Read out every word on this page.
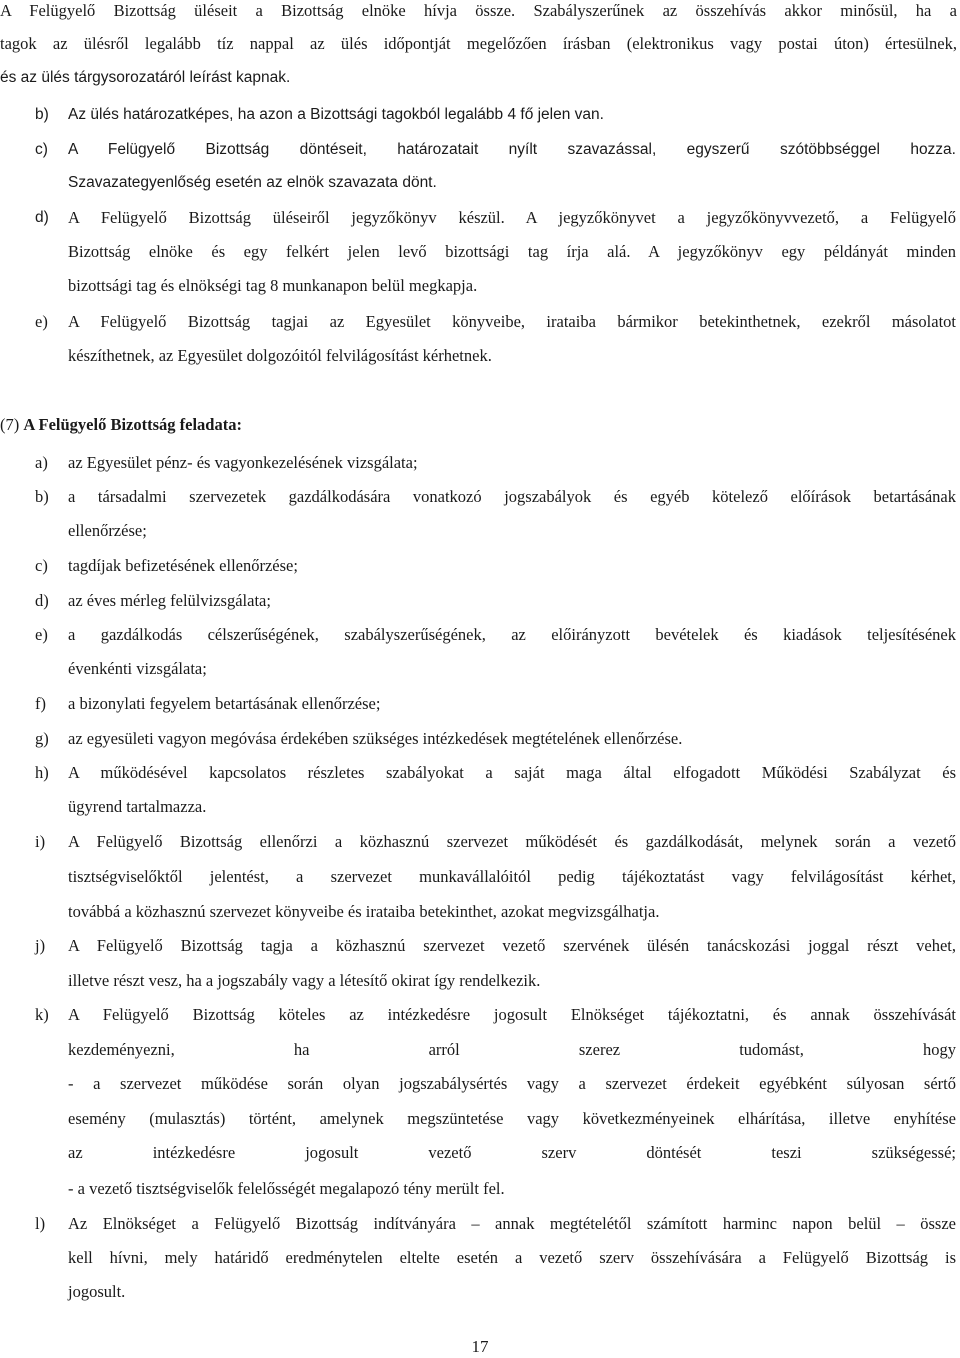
A Felügyelő Bizottság üléseit a Bizottság elnöke hívja össze. Szabályszerűnek az összehívás akkor minősül, ha a
tagok az ülésről legalább tíz nappal az ülés időpontját megelőzően írásban (elektronikus vagy postai úton) értesülnek,
és az ülés tárgysorozatáról leírást kapnak.
b)	Az ülés határozatképes, ha azon a Bizottsági tagokból legalább 4 fő jelen van.
c)	A Felügyelő Bizottság döntéseit, határozatait nyílt szavazással, egyszerű szótöbbséggel hozza.
Szavazategyenlőség esetén az elnök szavazata dönt.
d)	A Felügyelő Bizottság üléseiről jegyzőkönyv készül. A jegyzőkönyvet a jegyzőkönyvvezető, a Felügyelő
Bizottság elnöke és egy felkért jelen levő bizottsági tag írja alá. A jegyzőkönyv egy példányát minden
bizottsági tag és elnökségi tag 8 munkanapon belül megkapja.
e)	A Felügyelő Bizottság tagjai az Egyesület könyveibe, irataiba bármikor betekinthetnek, ezekről másolatot
készíthetnek, az Egyesület dolgozóitól felvilágosítást kérhetnek.
(7) A Felügyelő Bizottság feladata:
a)	az Egyesület pénz- és vagyonkezelésének vizsgálata;
b)	a társadalmi szervezetek gazdálkodására vonatkozó jogszabályok és egyéb kötelező előírások betartásának
ellenőrzése;
c)	tagdíjak befizetésének ellenőrzése;
d)	az éves mérleg felülvizsgálata;
e)	a gazdálkodás célszerűségének, szabályszerűségének, az előirányzott bevételek és kiadások teljesítésének
évenkénti vizsgálata;
f)	a bizonylati fegyelem betartásának ellenőrzése;
g)	az egyesületi vagyon megóvása érdekében szükséges intézkedések megtételének ellenőrzése.
h)	A működésével kapcsolatos részletes szabályokat a saját maga által elfogadott Működési Szabályzat és
ügyrend tartalmazza.
i)	A Felügyelő Bizottság ellenőrzi a közhasznú szervezet működését és gazdálkodását, melynek során a vezető
tisztségviselőktől jelentést, a szervezet munkavállalóitól pedig tájékoztatást vagy felvilágosítást kérhet,
továbbá a közhasznú szervezet könyveibe és irataiba betekinthet, azokat megvizsgálhatja.
j)	A Felügyelő Bizottság tagja a közhasznú szervezet vezető szervének ülésén tanácskozási joggal részt vehet,
illetve részt vesz, ha a jogszabály vagy a létesítő okirat így rendelkezik.
k)	A Felügyelő Bizottság köteles az intézkedésre jogosult Elnökséget tájékoztatni, és annak összehívását
kezdeményezni, ha arról szerez tudomást, hogy
- a szervezet működése során olyan jogszabálysértés vagy a szervezet érdekeit egyébként súlyosan sértő
esemény (mulasztás) történt, amelynek megszüntetése vagy következményeinek elhárítása, illetve enyhítése
az intézkedésre jogosult vezető szerv döntését teszi szükségessé;
- a vezető tisztségviselők felelősségét megalapozó tény merült fel.
l)	Az Elnökséget a Felügyelő Bizottság indítványára – annak megtételétől számított harminc napon belül – össze
kell hívni, mely határidő eredménytelen eltelte esetén a vezető szerv összehívására a Felügyelő Bizottság is
jogosult.
17
